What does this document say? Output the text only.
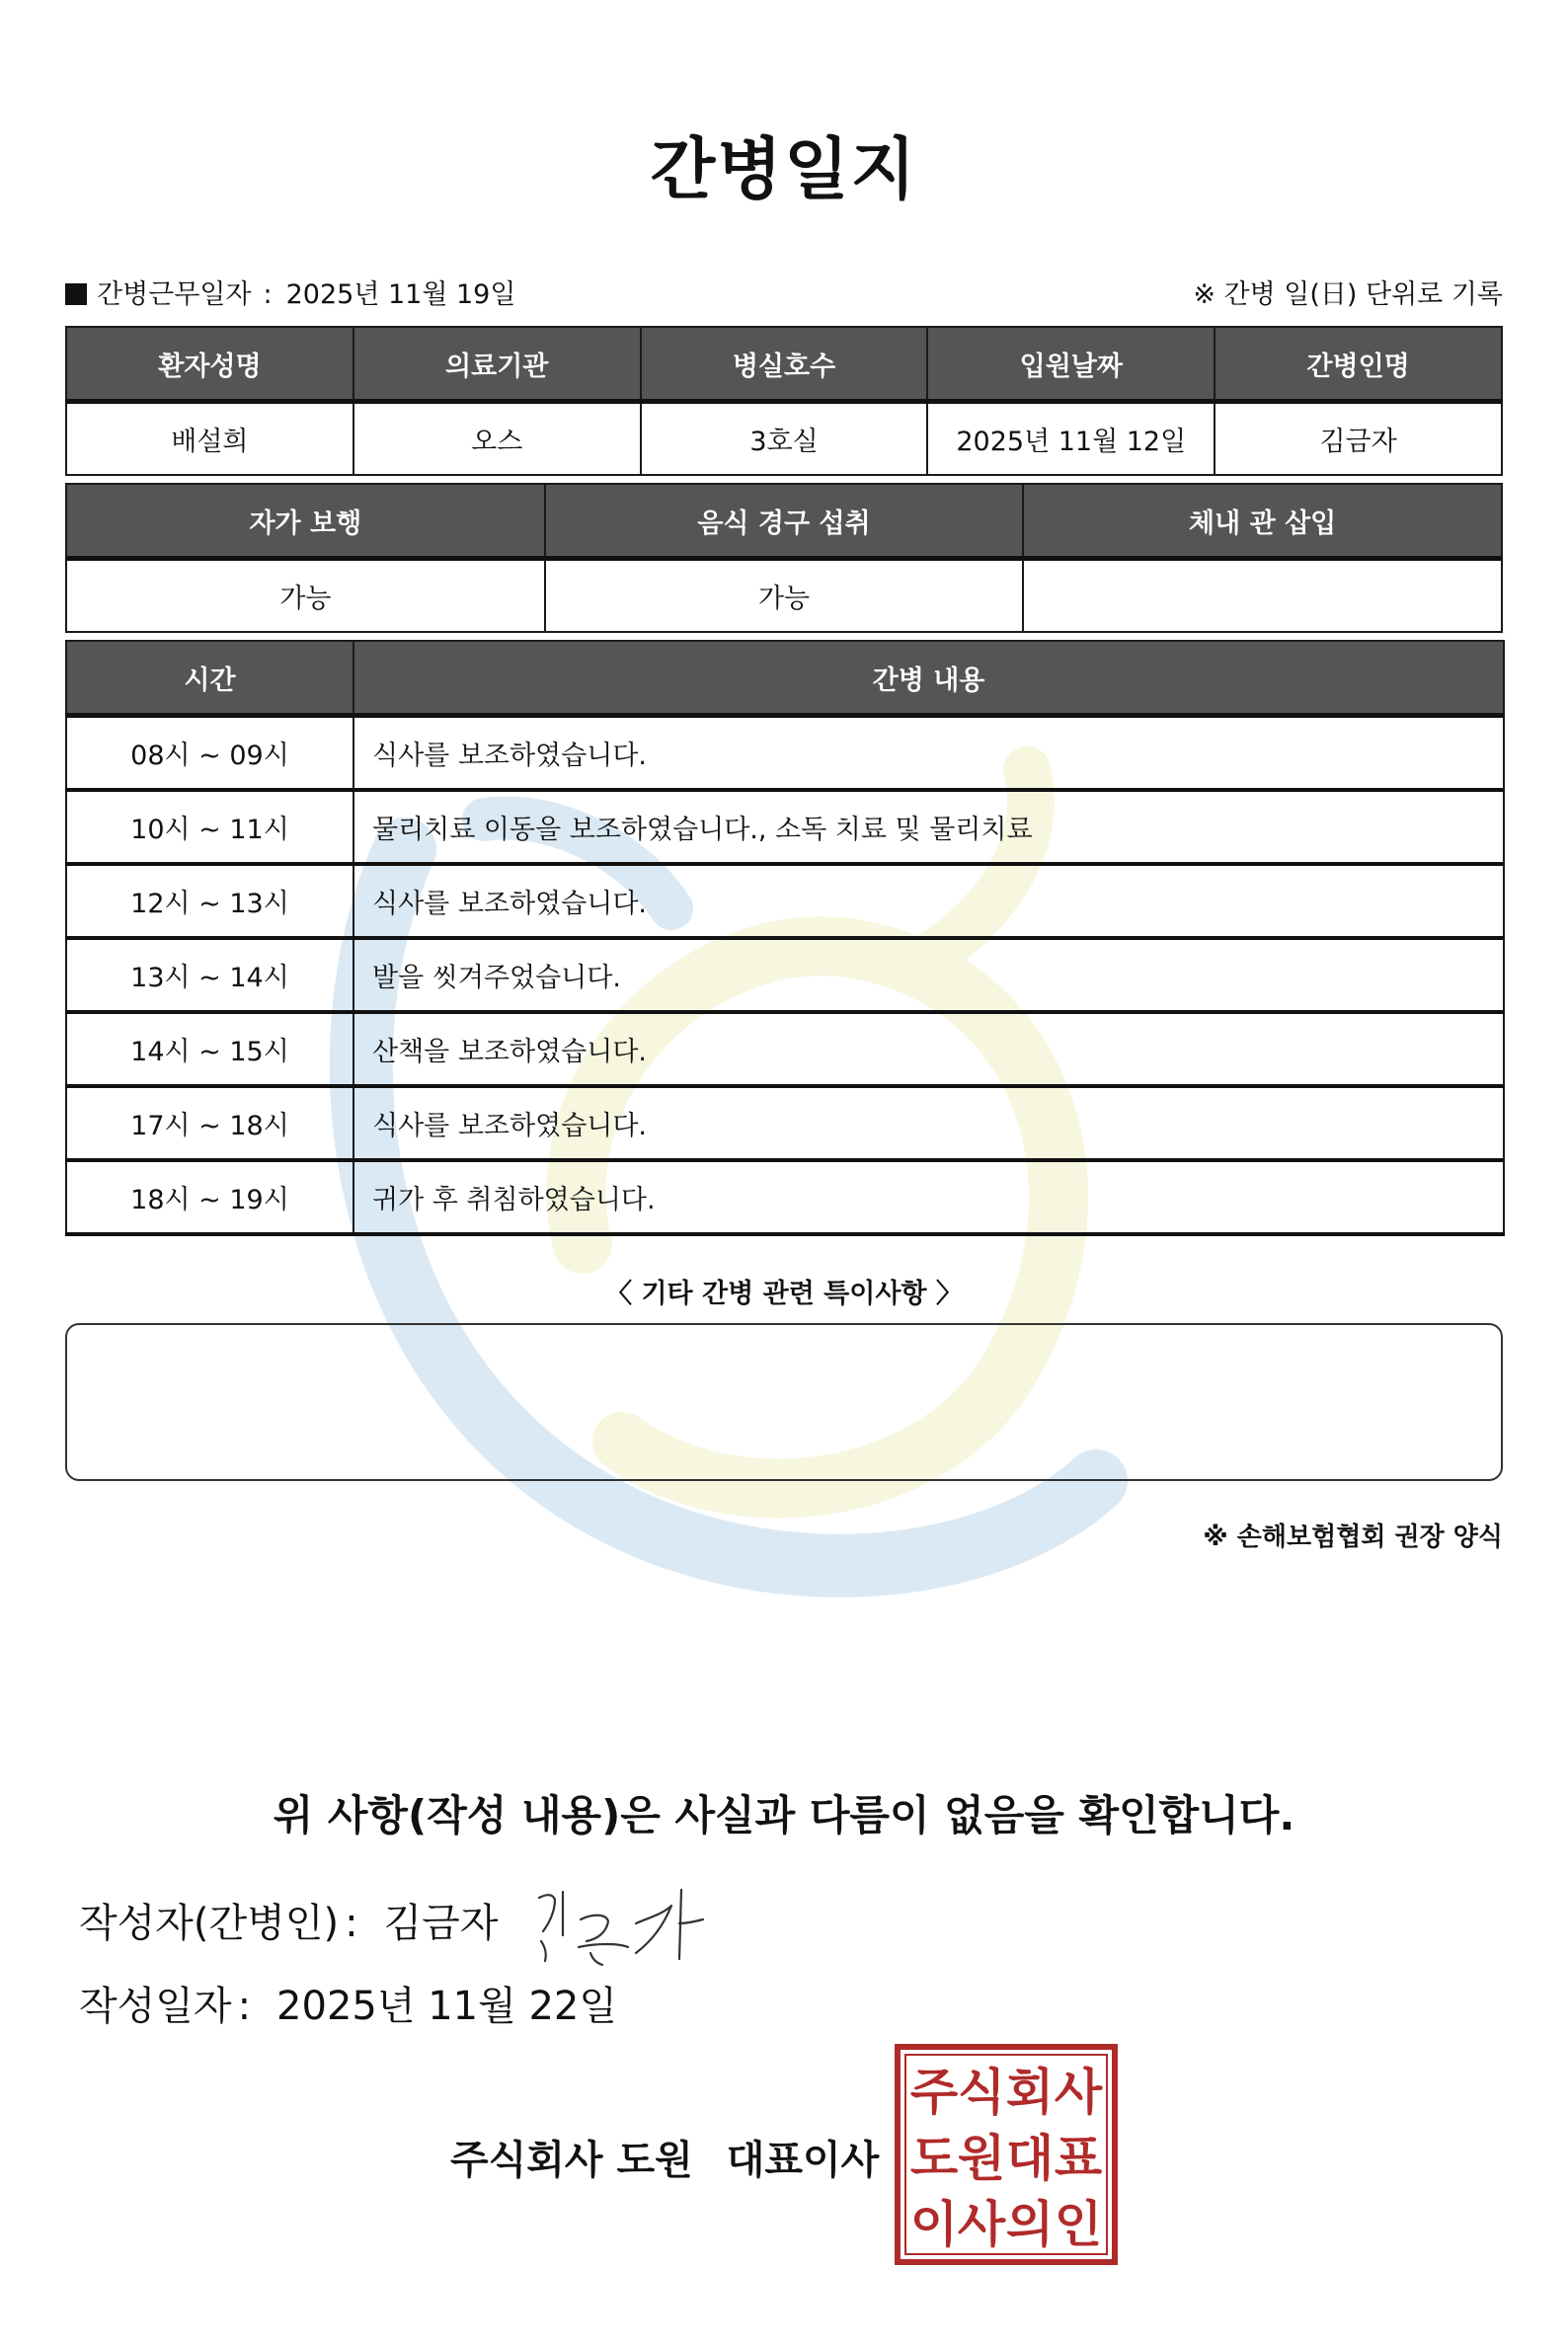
간병일지
간병근무일자 : 2025년 11월 19일	※ 간병 일(日) 단위로 기록
환자성명	의료기관	병실호수	입원날짜	간병인명
배설희	오스	3호실	2025년 11월 12일	김금자
자가 보행	음식 경구 섭취	체내 관 삽입
가능	가능	
시간	간병 내용
08시 ~ 09시	식사를 보조하였습니다.
10시 ~ 11시	물리치료 이동을 보조하였습니다., 소독 치료 및 물리치료
12시 ~ 13시	식사를 보조하였습니다.
13시 ~ 14시	발을 씻겨주었습니다.
14시 ~ 15시	산책을 보조하였습니다.
17시 ~ 18시	식사를 보조하였습니다.
18시 ~ 19시	귀가 후 취침하였습니다.
〈 기타 간병 관련 특이사항 〉
※ 손해보험협회 권장 양식
위 사항(작성 내용)은 사실과 다름이 없음을 확인합니다.
작성자(간병인) : 김금자
작성일자 : 2025년 11월 22일
주식회사 도원 대표이사
주 식 회 사
도 원 대 표
이 사 의 인
